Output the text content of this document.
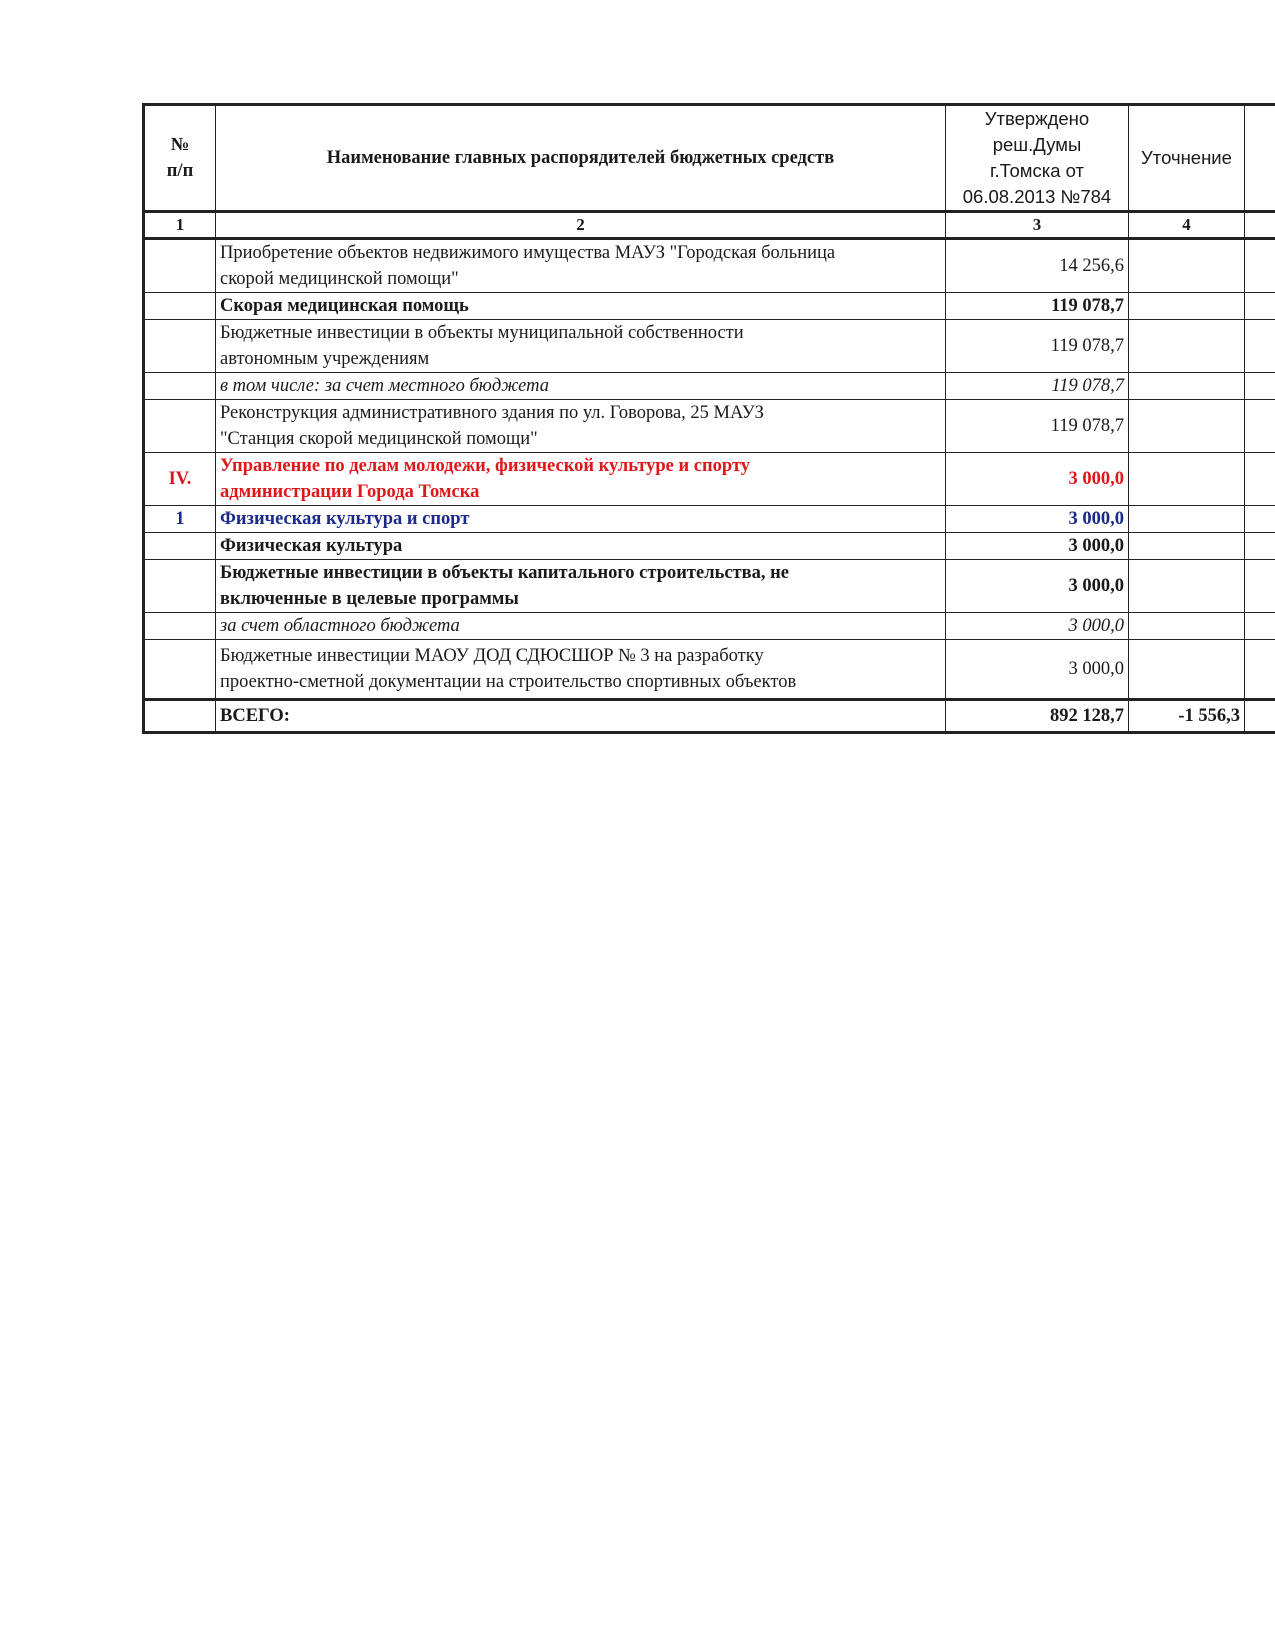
№
п/п	Наименование главных распорядителей бюджетных средств	Утверждено
реш.Думы
г.Томска от
06.08.2013 №784	Уточнение	
1	2	3	4	
	Приобретение объектов недвижимого имущества МАУЗ "Городская больница
скорой медицинской помощи"	14 256,6		
	Скорая медицинская помощь	119 078,7		
	Бюджетные инвестиции в объекты муниципальной собственности
автономным учреждениям	119 078,7		
	в том числе: за счет местного бюджета	119 078,7		
	Реконструкция административного здания по ул. Говорова, 25 МАУЗ
"Станция скорой медицинской помощи"	119 078,7		
IV.	Управление по делам молодежи, физической культуре и спорту
администрации Города Томска	3 000,0		
1	Физическая культура и спорт	3 000,0		
	Физическая культура	3 000,0		
	Бюджетные инвестиции в объекты капитального строительства, не
включенные в целевые программы	3 000,0		
	за счет областного бюджета	3 000,0		
	Бюджетные инвестиции МАОУ ДОД СДЮСШОР № 3 на разработку
проектно-сметной документации на строительство спортивных объектов	3 000,0		
	ВСЕГО:	892 128,7	-1 556,3	
